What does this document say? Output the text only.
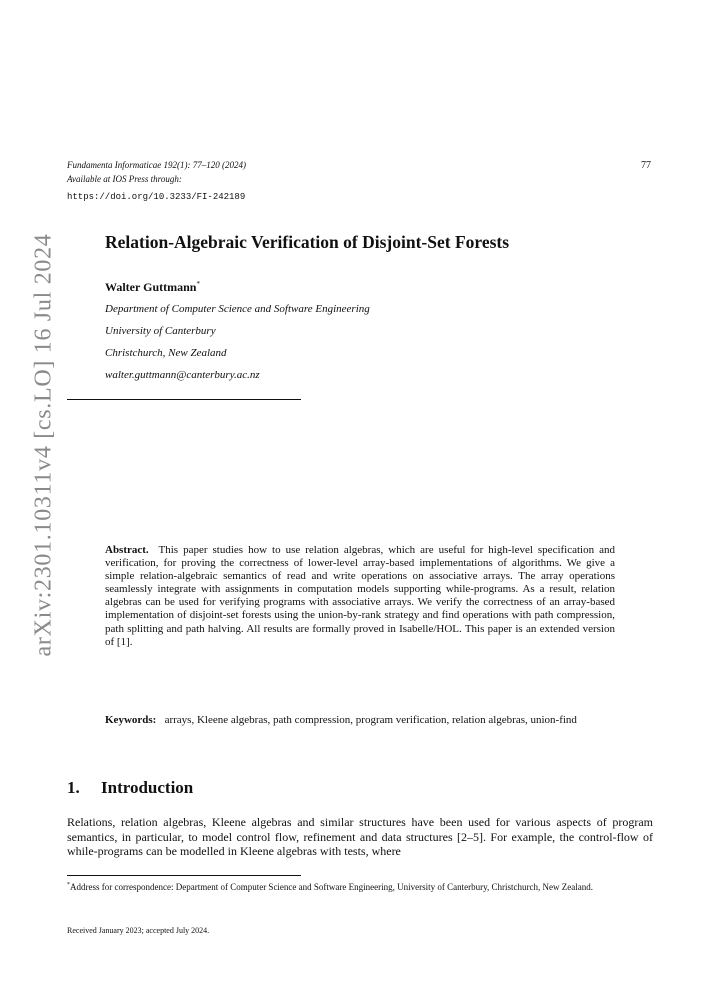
Fundamenta Informaticae 192(1): 77–120 (2024)
Available at IOS Press through:
https://doi.org/10.3233/FI-242189
77
arXiv:2301.10311v4 [cs.LO] 16 Jul 2024	Relation-Algebraic Verification of Disjoint-Set Forests
Walter Guttmann*
Department of Computer Science and Software Engineering
University of Canterbury
Christchurch, New Zealand
walter.guttmann@canterbury.ac.nz
Abstract. This paper studies how to use relation algebras, which are useful for high-level specification and verification, for proving the correctness of lower-level array-based implementations of algorithms. We give a simple relation-algebraic semantics of read and write operations on associative arrays. The array operations seamlessly integrate with assignments in computation models supporting while-programs. As a result, relation algebras can be used for verifying programs with associative arrays. We verify the correctness of an array-based implementation of disjoint-set forests using the union-by-rank strategy and find operations with path compression, path splitting and path halving. All results are formally proved in Isabelle/HOL. This paper is an extended version of [1].
Keywords: arrays, Kleene algebras, path compression, program verification, relation algebras, union-find
1. Introduction
Relations, relation algebras, Kleene algebras and similar structures have been used for various aspects of program semantics, in particular, to model control flow, refinement and data structures [2–5]. For example, the control-flow of while-programs can be modelled in Kleene algebras with tests, where
*Address for correspondence: Department of Computer Science and Software Engineering, University of Canterbury, Christchurch, New Zealand.
Received January 2023; accepted July 2024.
